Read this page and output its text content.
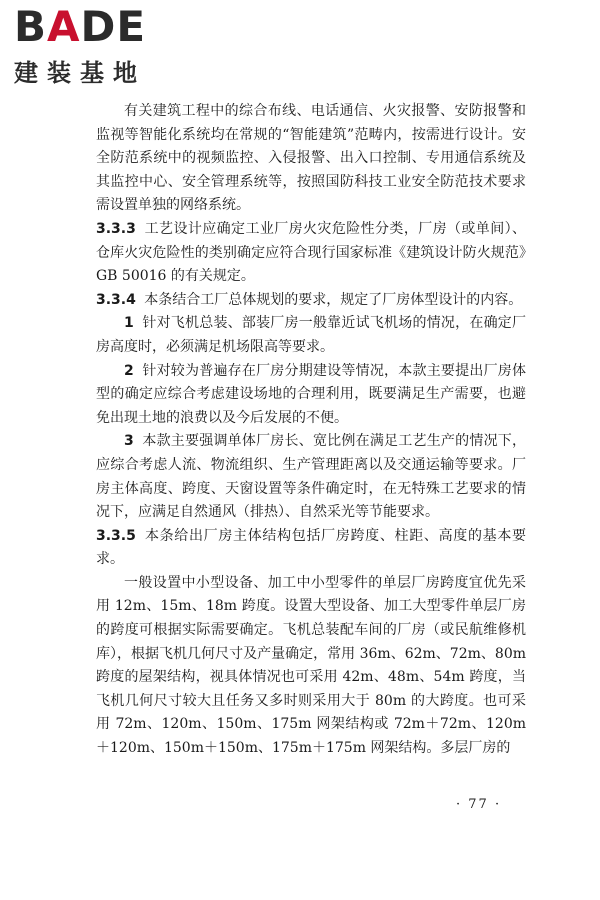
BADE
建装基地

有关建筑工程中的综合布线、电话通信、火灾报警、安防报警和监视等智能化系统均在常规的“智能建筑”范畴内，按需进行设计。安全防范系统中的视频监控、入侵报警、出入口控制、专用通信系统及其监控中心、安全管理系统等，按照国防科技工业安全防范技术要求需设置单独的网络系统。

3.3.3 工艺设计应确定工业厂房火灾危险性分类，厂房（或单间）、仓库火灾危险性的类别确定应符合现行国家标准《建筑设计防火规范》GB 50016 的有关规定。

3.3.4 本条结合工厂总体规划的要求，规定了厂房体型设计的内容。

1 针对飞机总装、部装厂房一般靠近试飞机场的情况，在确定厂房高度时，必须满足机场限高等要求。

2 针对较为普遍存在厂房分期建设等情况，本款主要提出厂房体型的确定应综合考虑建设场地的合理利用，既要满足生产需要，也避免出现土地的浪费以及今后发展的不便。

3 本款主要强调单体厂房长、宽比例在满足工艺生产的情况下，应综合考虑人流、物流组织、生产管理距离以及交通运输等要求。厂房主体高度、跨度、天窗设置等条件确定时，在无特殊工艺要求的情况下，应满足自然通风（排热）、自然采光等节能要求。

3.3.5 本条给出厂房主体结构包括厂房跨度、柱距、高度的基本要求。

一般设置中小型设备、加工中小型零件的单层厂房跨度宜优先采用 12m、15m、18m 跨度。设置大型设备、加工大型零件单层厂房的跨度可根据实际需要确定。飞机总装配车间的厂房（或民航维修机库），根据飞机几何尺寸及产量确定，常用 36m、62m、72m、80m 跨度的屋架结构，视具体情况也可采用 42m、48m、54m 跨度，当飞机几何尺寸较大且任务又多时则采用大于 80m 的大跨度。也可采用 72m、120m、150m、175m 网架结构或 72m＋72m、120m＋120m、150m＋150m、175m＋175m 网架结构。多层厂房的

· 77 ·
